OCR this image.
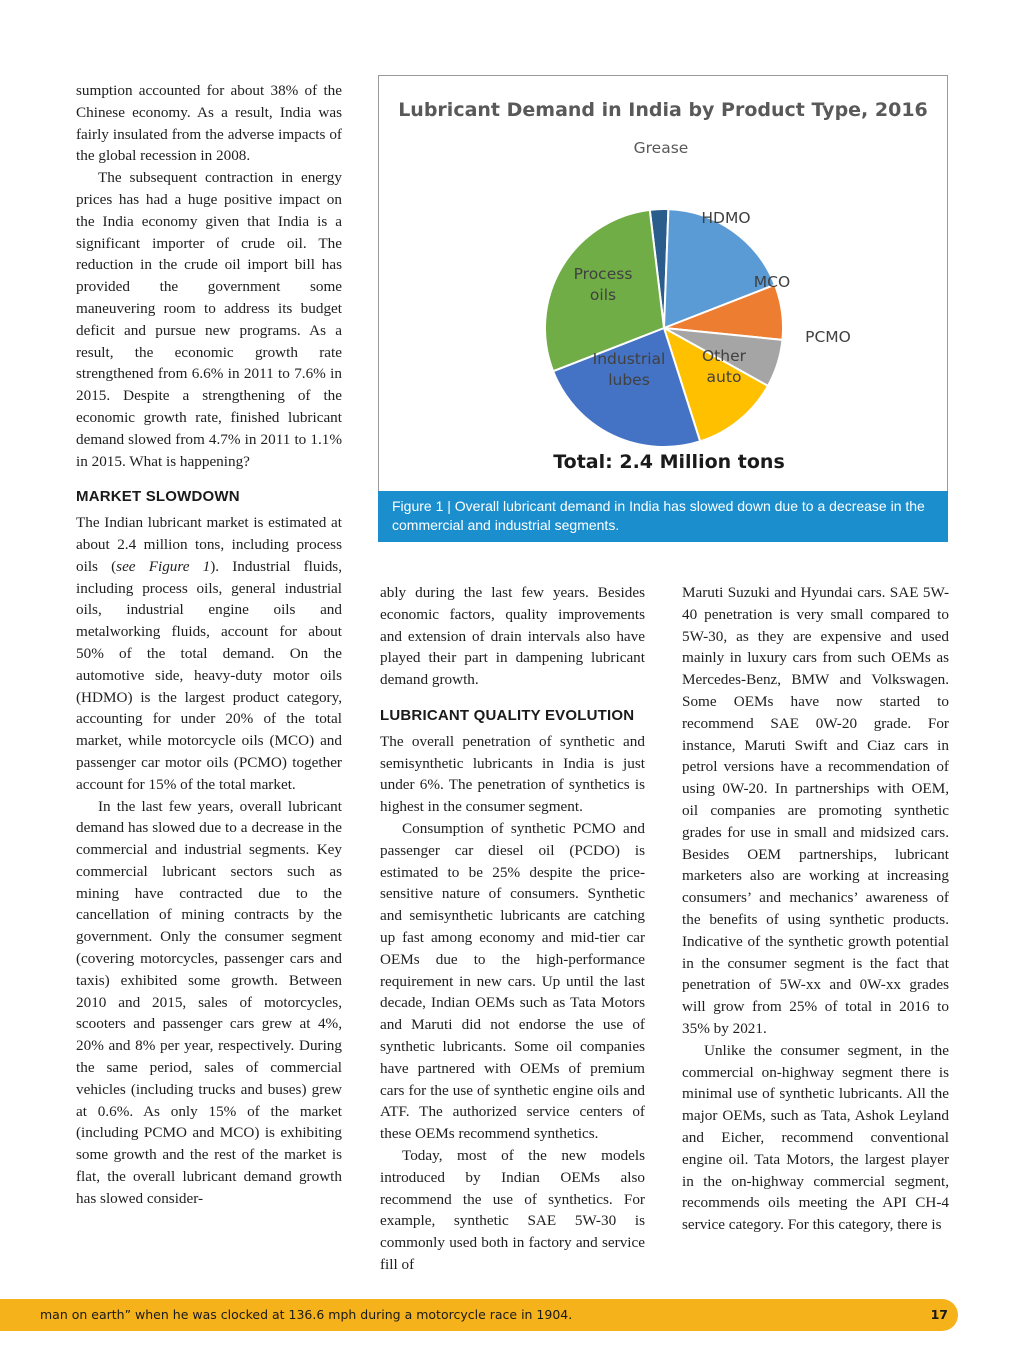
sumption accounted for about 38% of the Chinese economy. As a result, India was fairly insulated from the adverse impacts of the global recession in 2008.

The subsequent contraction in energy prices has had a huge positive impact on the India economy given that India is a significant importer of crude oil. The reduction in the crude oil import bill has provided the government some maneuvering room to address its budget deficit and pursue new programs. As a result, the economic growth rate strengthened from 6.6% in 2011 to 7.6% in 2015. Despite a strengthening of the economic growth rate, finished lubricant demand slowed from 4.7% in 2011 to 1.1% in 2015. What is happening?

MARKET SLOWDOWN

The Indian lubricant market is estimated at about 2.4 million tons, including process oils (see Figure 1). Industrial fluids, including process oils, general industrial oils, industrial engine oils and metalworking fluids, account for about 50% of the total demand. On the automotive side, heavy-duty motor oils (HDMO) is the largest product category, accounting for under 20% of the total market, while motorcycle oils (MCO) and passenger car motor oils (PCMO) together account for 15% of the total market.

In the last few years, overall lubricant demand has slowed due to a decrease in the commercial and industrial segments. Key commercial lubricant sectors such as mining have contracted due to the cancellation of mining contracts by the government. Only the consumer segment (covering motorcycles, passenger cars and taxis) exhibited some growth. Between 2010 and 2015, sales of motorcycles, scooters and passenger cars grew at 4%, 20% and 8% per year, respectively. During the same period, sales of commercial vehicles (including trucks and buses) grew at 0.6%. As only 15% of the market (including PCMO and MCO) is exhibiting some growth and the rest of the market is flat, the overall lubricant demand growth has slowed consider-

Lubricant Demand in India by Product Type, 2016
Grease
HDMO
MCO
PCMO
Other auto
Industrial lubes
Process oils
Total: 2.4 Million tons
Figure 1 | Overall lubricant demand in India has slowed down due to a decrease in the commercial and industrial segments.

ably during the last few years. Besides economic factors, quality improvements and extension of drain intervals also have played their part in dampening lubricant demand growth.

LUBRICANT QUALITY EVOLUTION

The overall penetration of synthetic and semisynthetic lubricants in India is just under 6%. The penetration of synthetics is highest in the consumer segment.

Consumption of synthetic PCMO and passenger car diesel oil (PCDO) is estimated to be 25% despite the price-sensitive nature of consumers. Synthetic and semisynthetic lubricants are catching up fast among economy and mid-tier car OEMs due to the high-performance requirement in new cars. Up until the last decade, Indian OEMs such as Tata Motors and Maruti did not endorse the use of synthetic lubricants. Some oil companies have partnered with OEMs of premium cars for the use of synthetic engine oils and ATF. The authorized service centers of these OEMs recommend synthetics.

Today, most of the new models introduced by Indian OEMs also recommend the use of synthetics. For example, synthetic SAE 5W-30 is commonly used both in factory and service fill of

Maruti Suzuki and Hyundai cars. SAE 5W-40 penetration is very small compared to 5W-30, as they are expensive and used mainly in luxury cars from such OEMs as Mercedes-Benz, BMW and Volkswagen. Some OEMs have now started to recommend SAE 0W-20 grade. For instance, Maruti Swift and Ciaz cars in petrol versions have a recommendation of using 0W-20. In partnerships with OEM, oil companies are promoting synthetic grades for use in small and midsized cars. Besides OEM partnerships, lubricant marketers also are working at increasing consumers’ and mechanics’ awareness of the benefits of using synthetic products. Indicative of the synthetic growth potential in the consumer segment is the fact that penetration of 5W-xx and 0W-xx grades will grow from 25% of total in 2016 to 35% by 2021.

Unlike the consumer segment, in the commercial on-highway segment there is minimal use of synthetic lubricants. All the major OEMs, such as Tata, Ashok Leyland and Eicher, recommend conventional engine oil. Tata Motors, the largest player in the on-highway commercial segment, recommends oils meeting the API CH-4 service category. For this category, there is

man on earth” when he was clocked at 136.6 mph during a motorcycle race in 1904.	17
